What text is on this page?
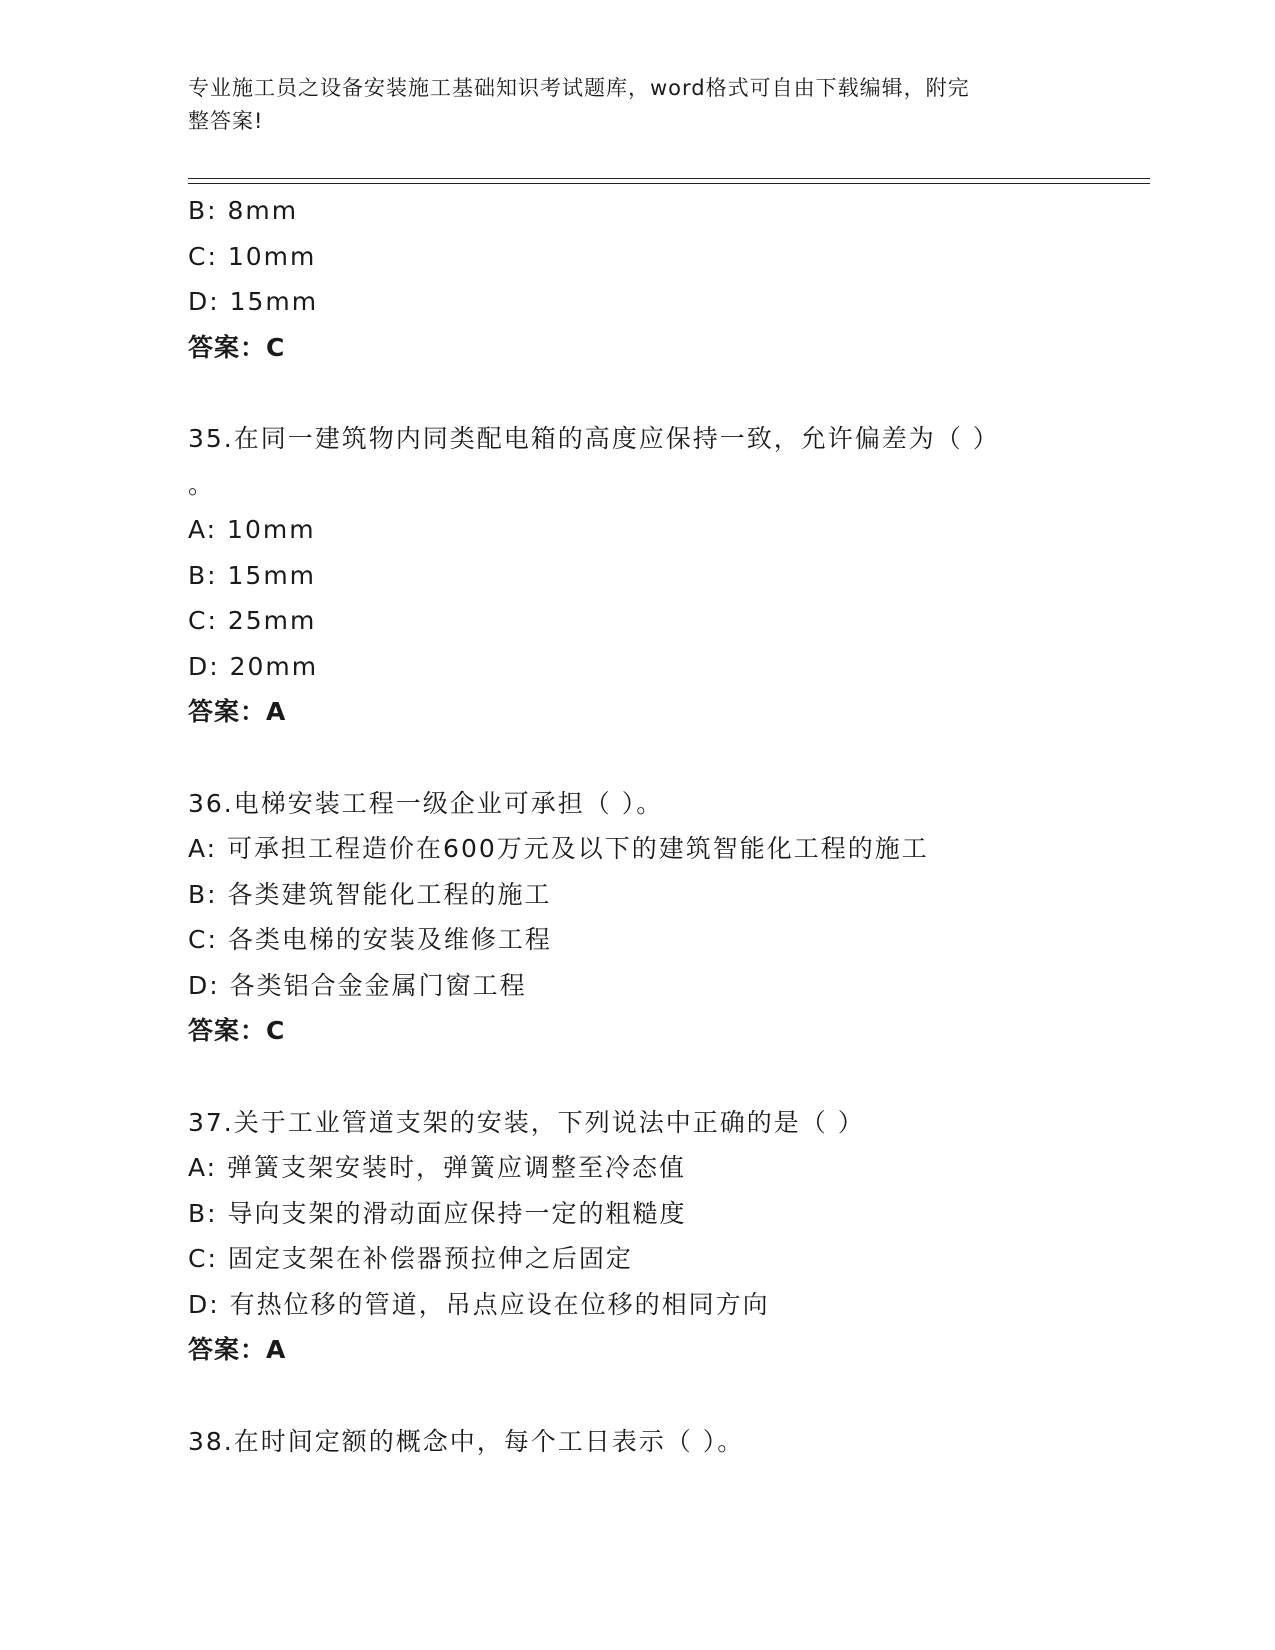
专业施工员之设备安装施工基础知识考试题库，word格式可自由下载编辑，附完
整答案!
B: 8mm
C: 10mm
D: 15mm
答案：C
35.在同一建筑物内同类配电箱的高度应保持一致，允许偏差为（ ）
。
A: 10mm
B: 15mm
C: 25mm
D: 20mm
答案：A
36.电梯安装工程一级企业可承担（ ）。
A: 可承担工程造价在600万元及以下的建筑智能化工程的施工
B: 各类建筑智能化工程的施工
C: 各类电梯的安装及维修工程
D: 各类铝合金金属门窗工程
答案：C
37.关于工业管道支架的安装，下列说法中正确的是（ ）
A: 弹簧支架安装时，弹簧应调整至冷态值
B: 导向支架的滑动面应保持一定的粗糙度
C: 固定支架在补偿器预拉伸之后固定
D: 有热位移的管道，吊点应设在位移的相同方向
答案：A
38.在时间定额的概念中，每个工日表示（ ）。
